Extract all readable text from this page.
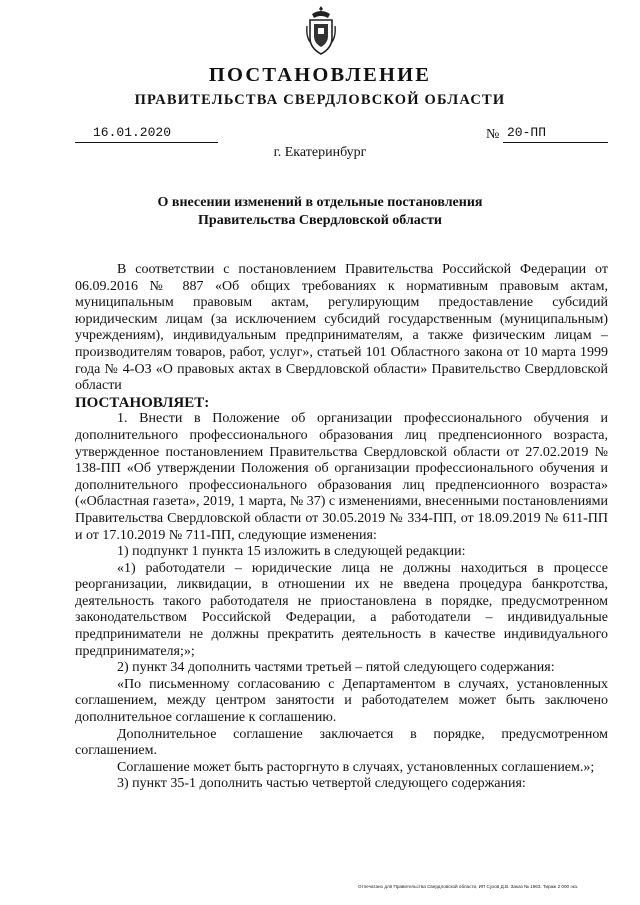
ПОСТАНОВЛЕНИЕ
ПРАВИТЕЛЬСТВА СВЕРДЛОВСКОЙ ОБЛАСТИ
16.01.2020	№ 20-ПП
г. Екатеринбург
О внесении изменений в отдельные постановления
Правительства Свердловской области

В соответствии с постановлением Правительства Российской Федерации от 06.09.2016 № 887 «Об общих требованиях к нормативным правовым актам, муниципальным правовым актам, регулирующим предоставление субсидий юридическим лицам (за исключением субсидий государственным (муниципальным) учреждениям), индивидуальным предпринимателям, а также физическим лицам – производителям товаров, работ, услуг», статьей 101 Областного закона от 10 марта 1999 года № 4-ОЗ «О правовых актах в Свердловской области» Правительство Свердловской области

ПОСТАНОВЛЯЕТ:

1. Внести в Положение об организации профессионального обучения и дополнительного профессионального образования лиц предпенсионного возраста, утвержденное постановлением Правительства Свердловской области от 27.02.2019 № 138-ПП «Об утверждении Положения об организации профессионального обучения и дополнительного профессионального образования лиц предпенсионного возраста» («Областная газета», 2019, 1 марта, № 37) с изменениями, внесенными постановлениями Правительства Свердловской области от 30.05.2019 № 334-ПП, от 18.09.2019 № 611-ПП и от 17.10.2019 № 711-ПП, следующие изменения:

1) подпункт 1 пункта 15 изложить в следующей редакции:

«1) работодатели – юридические лица не должны находиться в процессе реорганизации, ликвидации, в отношении их не введена процедура банкротства, деятельность такого работодателя не приостановлена в порядке, предусмотренном законодательством Российской Федерации, а работодатели – индивидуальные предприниматели не должны прекратить деятельность в качестве индивидуального предпринимателя;»;

2) пункт 34 дополнить частями третьей – пятой следующего содержания:

«По письменному согласованию с Департаментом в случаях, установленных соглашением, между центром занятости и работодателем может быть заключено дополнительное соглашение к соглашению.

Дополнительное соглашение заключается в порядке, предусмотренном соглашением.

Соглашение может быть расторгнуто в случаях, установленных соглашением.»;

3) пункт 35-1 дополнить частью четвертой следующего содержания:

Отпечатано для Правительства Свердловской области, ИП Сухов Д.В. Заказ № 1963. Тираж 2 000 экз.
